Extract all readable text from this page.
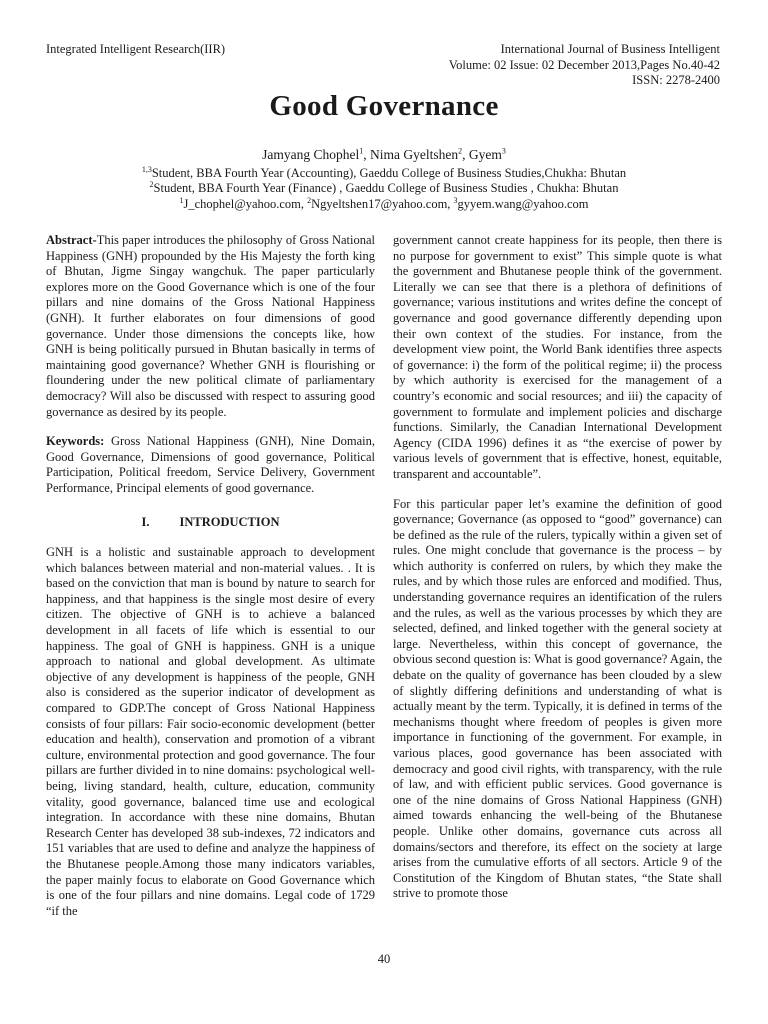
Integrated Intelligent Research(IIR)	International Journal of Business Intelligent
Volume: 02 Issue: 02 December 2013,Pages No.40-42
ISSN: 2278-2400
Good Governance
Jamyang Chophel$^1$, Nima Gyeltshen$^2$, Gyem$^3$
$^{1,3}$Student, BBA Fourth Year (Accounting), Gaeddu College of Business Studies,Chukha: Bhutan
$^2$Student, BBA Fourth Year (Finance) , Gaeddu College of Business Studies , Chukha: Bhutan
$^1$J_chophel@yahoo.com, $^2$Ngyeltshen17@yahoo.com, $^3$gyyem.wang@yahoo.com

Abstract-This paper introduces the philosophy of Gross National Happiness (GNH) propounded by the His Majesty the forth king of Bhutan, Jigme Singay wangchuk. The paper particularly explores more on the Good Governance which is one of the four pillars and nine domains of the Gross National Happiness (GNH). It further elaborates on four dimensions of good governance. Under those dimensions the concepts like, how GNH is being politically pursued in Bhutan basically in terms of maintaining good governance? Whether GNH is flourishing or floundering under the new political climate of parliamentary democracy? Will also be discussed with respect to assuring good governance as desired by its people.

Keywords: Gross National Happiness (GNH), Nine Domain, Good Governance, Dimensions of good governance, Political Participation, Political freedom, Service Delivery, Government Performance, Principal elements of good governance.

I. INTRODUCTION

GNH is a holistic and sustainable approach to development which balances between material and non-material values. . It is based on the conviction that man is bound by nature to search for happiness, and that happiness is the single most desire of every citizen. The objective of GNH is to achieve a balanced development in all facets of life which is essential to our happiness. The goal of GNH is happiness. GNH is a unique approach to national and global development. As ultimate objective of any development is happiness of the people, GNH also is considered as the superior indicator of development as compared to GDP.The concept of Gross National Happiness consists of four pillars: Fair socio-economic development (better education and health), conservation and promotion of a vibrant culture, environmental protection and good governance. The four pillars are further divided in to nine domains: psychological well-being, living standard, health, culture, education, community vitality, good governance, balanced time use and ecological integration. In accordance with these nine domains, Bhutan Research Center has developed 38 sub-indexes, 72 indicators and 151 variables that are used to define and analyze the happiness of the Bhutanese people.Among those many indicators variables, the paper mainly focus to elaborate on Good Governance which is one of the four pillars and nine domains. Legal code of 1729 “if the

government cannot create happiness for its people, then there is no purpose for government to exist” This simple quote is what the government and Bhutanese people think of the government. Literally we can see that there is a plethora of definitions of governance; various institutions and writes define the concept of governance and good governance differently depending upon their own context of the studies. For instance, from the development view point, the World Bank identifies three aspects of governance: i) the form of the political regime; ii) the process by which authority is exercised for the management of a country’s economic and social resources; and iii) the capacity of government to formulate and implement policies and discharge functions. Similarly, the Canadian International Development Agency (CIDA 1996) defines it as “the exercise of power by various levels of government that is effective, honest, equitable, transparent and accountable”.

For this particular paper let’s examine the definition of good governance; Governance (as opposed to “good” governance) can be defined as the rule of the rulers, typically within a given set of rules. One might conclude that governance is the process – by which authority is conferred on rulers, by which they make the rules, and by which those rules are enforced and modified. Thus, understanding governance requires an identification of the rulers and the rules, as well as the various processes by which they are selected, defined, and linked together with the general society at large. Nevertheless, within this concept of governance, the obvious second question is: What is good governance? Again, the debate on the quality of governance has been clouded by a slew of slightly differing definitions and understanding of what is actually meant by the term. Typically, it is defined in terms of the mechanisms thought where freedom of peoples is given more importance in functioning of the government. For example, in various places, good governance has been associated with democracy and good civil rights, with transparency, with the rule of law, and with efficient public services. Good governance is one of the nine domains of Gross National Happiness (GNH) aimed towards enhancing the well-being of the Bhutanese people. Unlike other domains, governance cuts across all domains/sectors and therefore, its effect on the society at large arises from the cumulative efforts of all sectors. Article 9 of the Constitution of the Kingdom of Bhutan states, “the State shall strive to promote those

40
